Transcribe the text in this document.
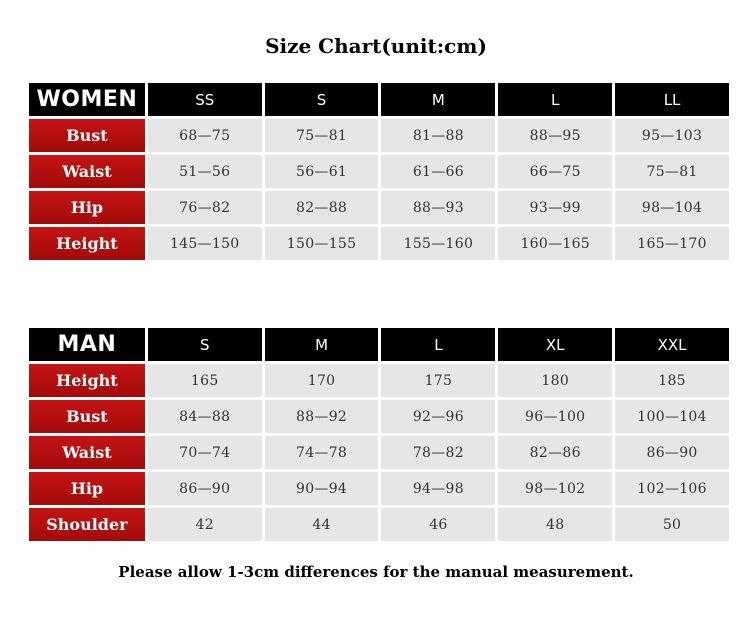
Size Chart(unit:cm)
WOMEN	SS	S	M	L	LL
Bust	68—75	75—81	81—88	88—95	95—103
Waist	51—56	56—61	61—66	66—75	75—81
Hip	76—82	82—88	88—93	93—99	98—104
Height	145—150	150—155	155—160	160—165	165—170
MAN	S	M	L	XL	XXL
Height	165	170	175	180	185
Bust	84—88	88—92	92—96	96—100	100—104
Waist	70—74	74—78	78—82	82—86	86—90
Hip	86—90	90—94	94—98	98—102	102—106
Shoulder	42	44	46	48	50
Please allow 1-3cm differences for the manual measurement.
